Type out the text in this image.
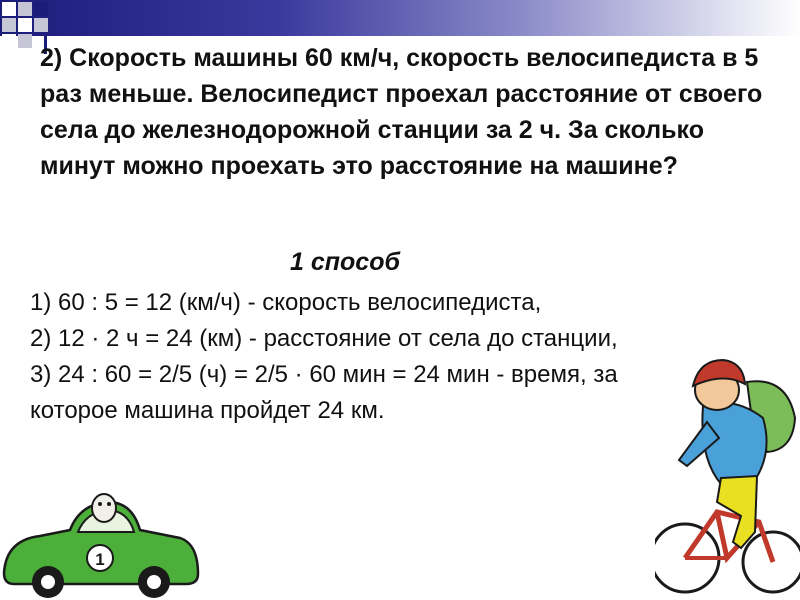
2) Скорость машины 60 км/ч, скорость велосипедиста в 5 раз меньше. Велосипедист проехал расстояние от своего села до железнодорожной станции за 2 ч. За сколько минут можно проехать это расстояние на машине?

1 способ

1) 60 : 5 = 12 (км/ч) - скорость велосипедиста,

2) 12 · 2 ч = 24 (км) - расстояние от села до станции,

3) 24 : 60 = 2/5 (ч) = 2/5 · 60 мин = 24 мин - время, за которое машина пройдет 24 км.

1
